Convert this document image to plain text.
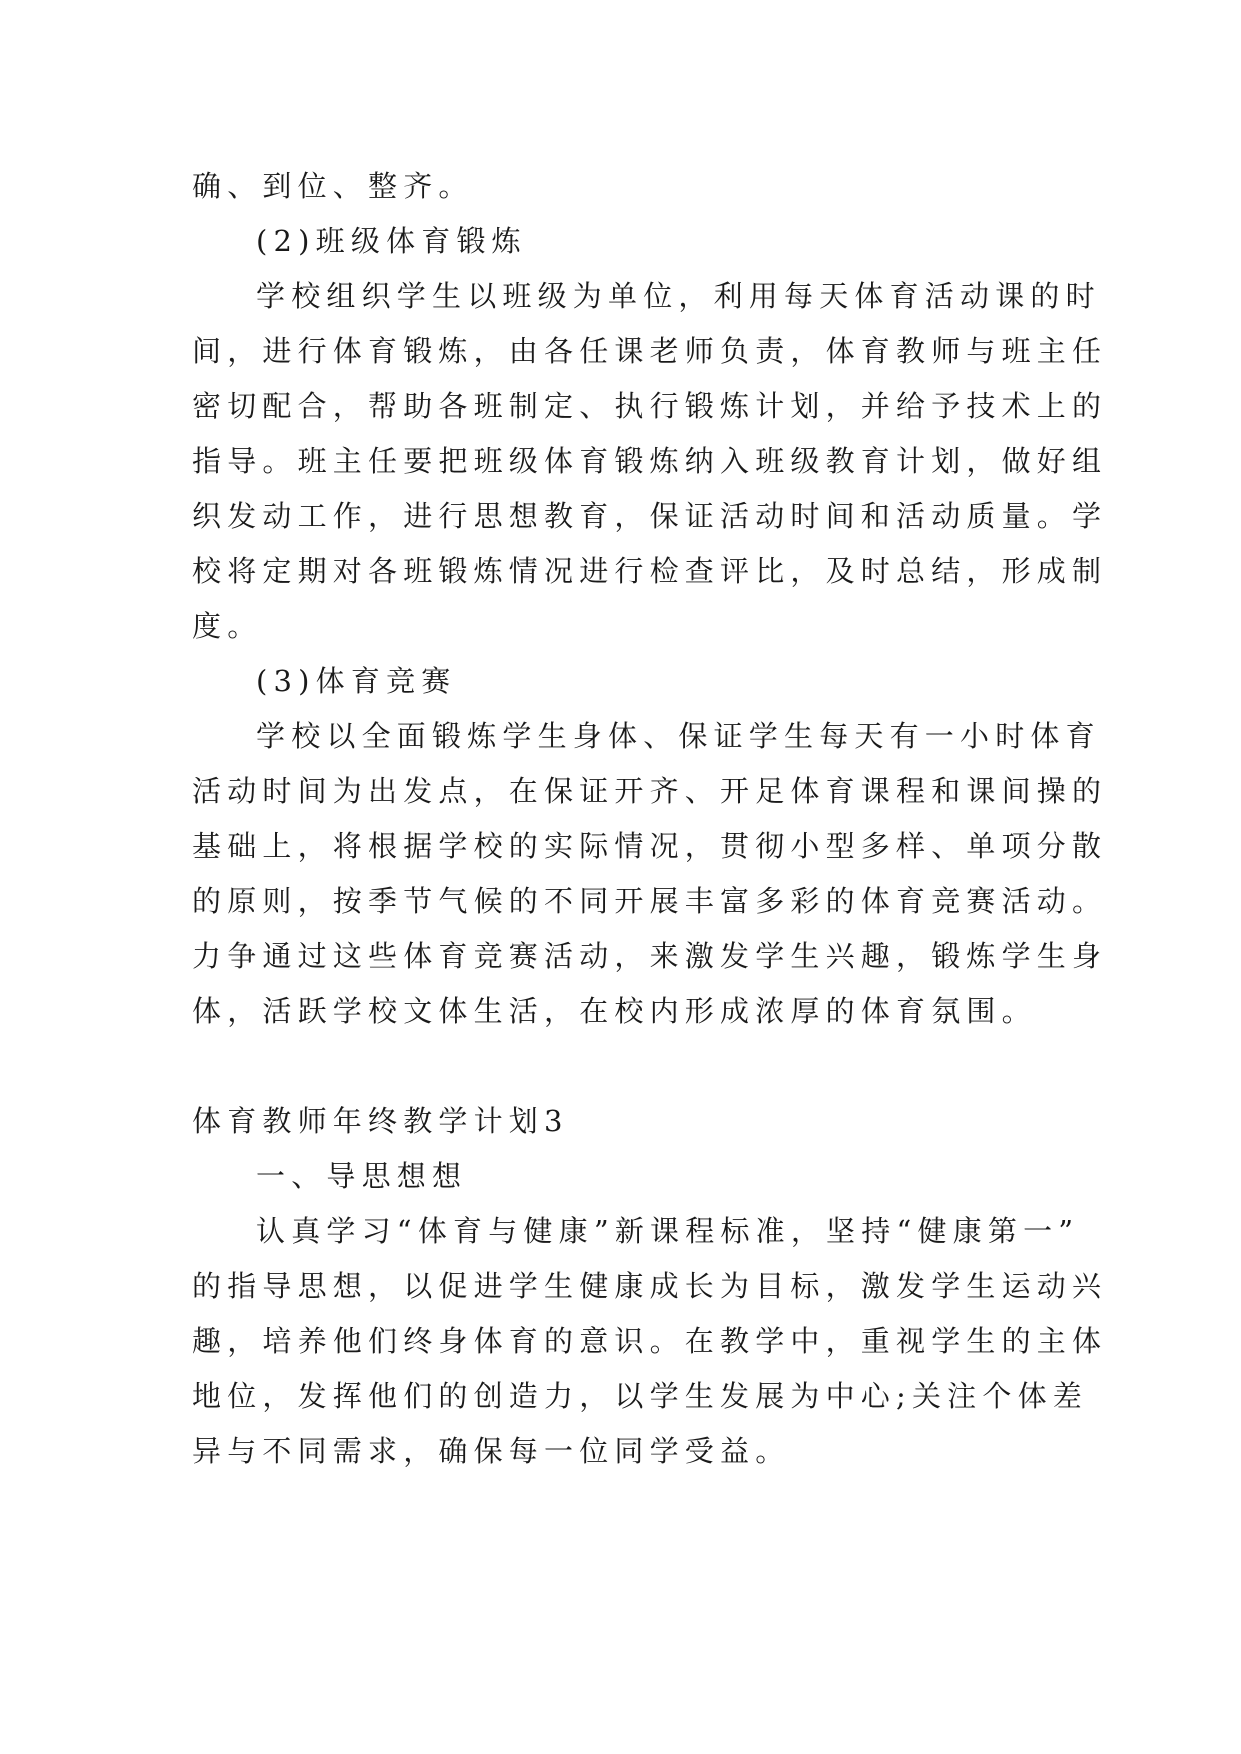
确、到位、整齐。
(2)班级体育锻炼
学校组织学生以班级为单位，利用每天体育活动课的时
间，进行体育锻炼，由各任课老师负责，体育教师与班主任
密切配合，帮助各班制定、执行锻炼计划，并给予技术上的
指导。班主任要把班级体育锻炼纳入班级教育计划，做好组
织发动工作，进行思想教育，保证活动时间和活动质量。学
校将定期对各班锻炼情况进行检查评比，及时总结，形成制
度。
(3)体育竞赛
学校以全面锻炼学生身体、保证学生每天有一小时体育
活动时间为出发点，在保证开齐、开足体育课程和课间操的
基础上，将根据学校的实际情况，贯彻小型多样、单项分散
的原则，按季节气候的不同开展丰富多彩的体育竞赛活动。
力争通过这些体育竞赛活动，来激发学生兴趣，锻炼学生身
体，活跃学校文体生活，在校内形成浓厚的体育氛围。
体育教师年终教学计划3
一、导思想想
认真学习“体育与健康”新课程标准，坚持“健康第一”
的指导思想，以促进学生健康成长为目标，激发学生运动兴
趣，培养他们终身体育的意识。在教学中，重视学生的主体
地位，发挥他们的创造力，以学生发展为中心;关注个体差
异与不同需求，确保每一位同学受益。
